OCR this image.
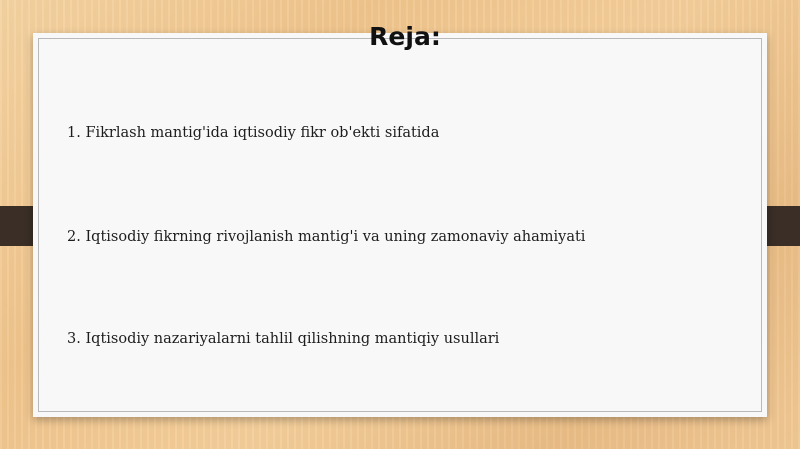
Reja:
1. Fikrlash mantig'ida iqtisodiy fikr ob'ekti sifatida
2. Iqtisodiy fikrning rivojlanish mantig'i va uning zamonaviy ahamiyati
3. Iqtisodiy nazariyalarni tahlil qilishning mantiqiy usullari
